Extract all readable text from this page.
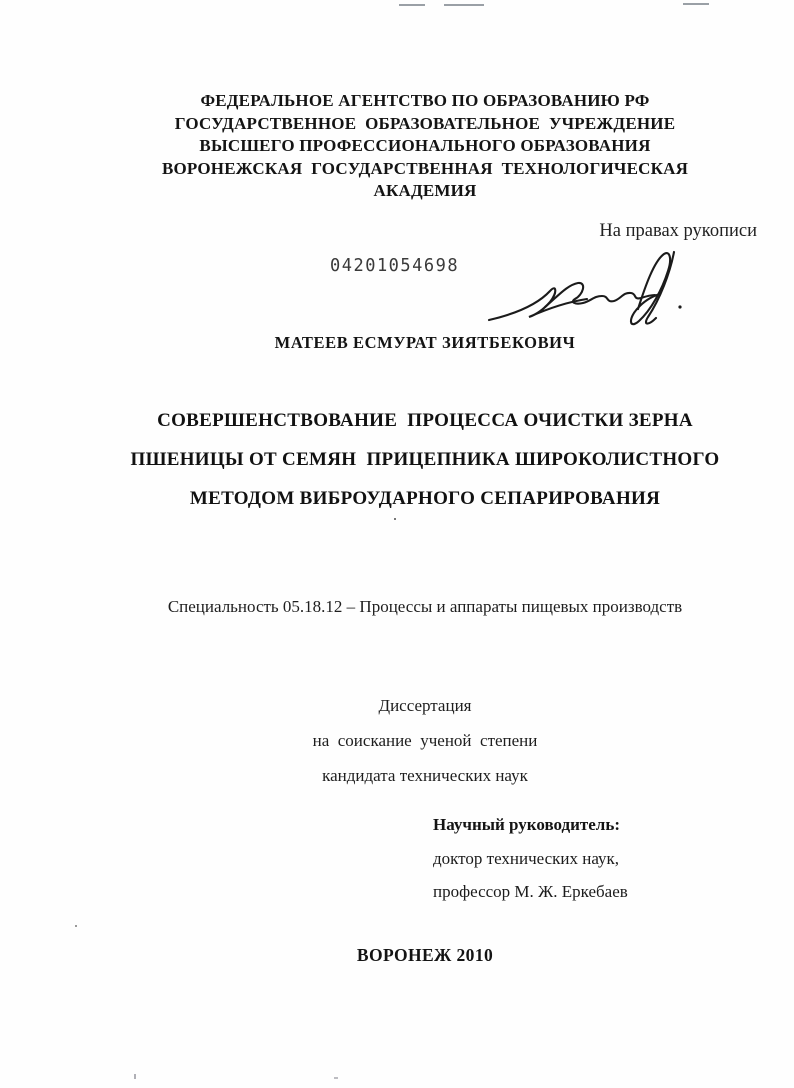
ФЕДЕРАЛЬНОЕ АГЕНТСТВО ПО ОБРАЗОВАНИЮ РФ
ГОСУДАРСТВЕННОЕ  ОБРАЗОВАТЕЛЬНОЕ  УЧРЕЖДЕНИЕ
ВЫСШЕГО ПРОФЕССИОНАЛЬНОГО ОБРАЗОВАНИЯ
ВОРОНЕЖСКАЯ  ГОСУДАРСТВЕННАЯ  ТЕХНОЛОГИЧЕСКАЯ
АКАДЕМИЯ
На правах рукописи
04201054698
МАТЕЕВ ЕСМУРАТ ЗИЯТБЕКОВИЧ
СОВЕРШЕНСТВОВАНИЕ  ПРОЦЕССА ОЧИСТКИ ЗЕРНА
ПШЕНИЦЫ ОТ СЕМЯН  ПРИЦЕПНИКА ШИРОКОЛИСТНОГО
МЕТОДОМ ВИБРОУДАРНОГО СЕПАРИРОВАНИЯ
Специальность 05.18.12 – Процессы и аппараты пищевых производств
Диссертация
на  соискание  ученой  степени
кандидата технических наук
Научный руководитель:
доктор технических наук,
профессор М. Ж. Еркебаев
ВОРОНЕЖ 2010
